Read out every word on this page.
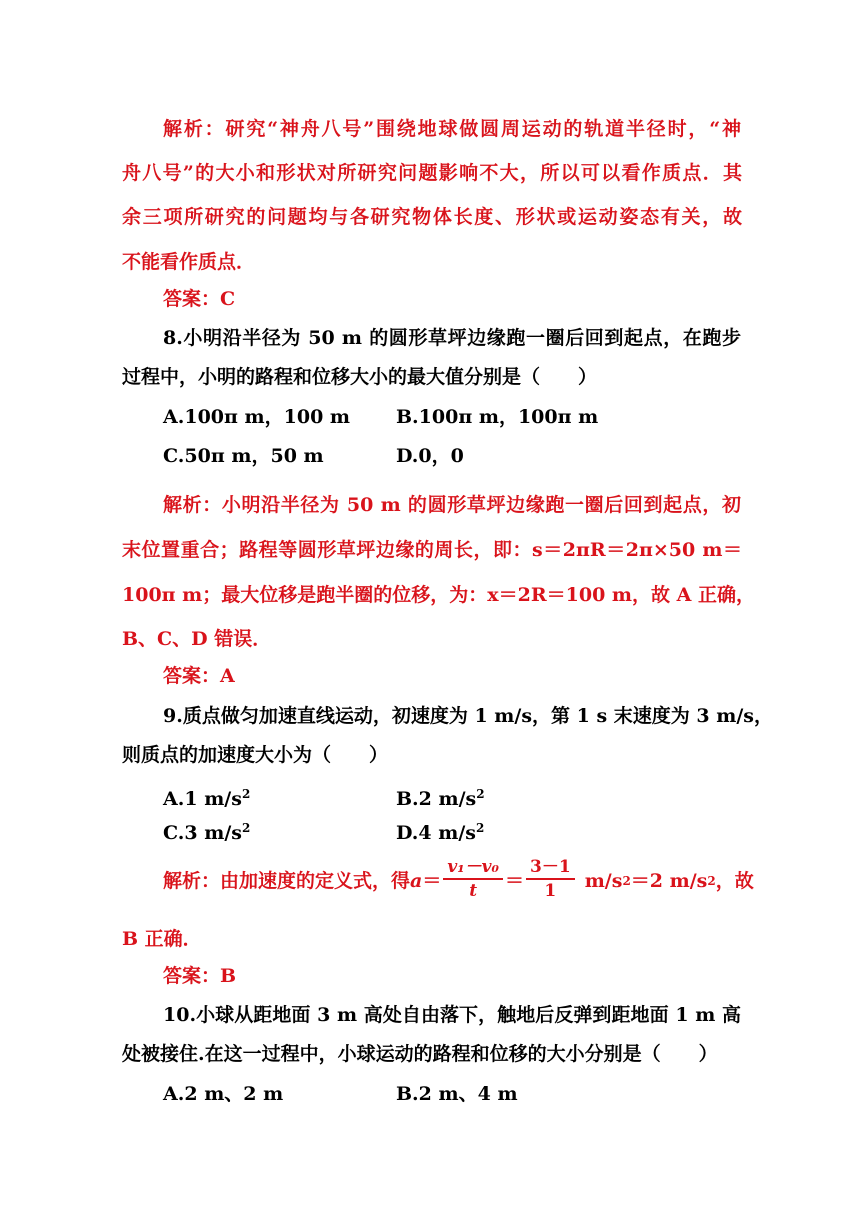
解析：研究“神舟八号”围绕地球做圆周运动的轨道半径时，“神
舟八号”的大小和形状对所研究问题影响不大，所以可以看作质点．其
余三项所研究的问题均与各研究物体长度、形状或运动姿态有关，故
不能看作质点．
答案：C
8.小明沿半径为 50 m 的圆形草坪边缘跑一圈后回到起点，在跑步
过程中，小明的路程和位移大小的最大值分别是（　　）
A.100π m，100 m B.100π m，100π m
C.50π m，50 m	D.0，0
解析：小明沿半径为 50 m 的圆形草坪边缘跑一圈后回到起点，初
末位置重合；路程等圆形草坪边缘的周长，即：s＝2πR＝2π×50 m＝
100π m；最大位移是跑半圈的位移，为：x＝2R＝100 m，故 A 正确，
B、C、D 错误．
答案：A
9.质点做匀加速直线运动，初速度为 1 m/s，第 1 s 末速度为 3 m/s，
则质点的加速度大小为（　　）
A.1 $m/s^2$	B.2 $m/s^2$
C.3 $m/s^2$	D.4 $m/s^2$
解析：由加速度的定义式，得 $a = \frac{\text{v₁－v₀}}{t} = \frac{3-1}{1} m/s$ 2 ＝2 m/s 2 ，故
B 正确．
答案：B
10.小球从距地面 3 m 高处自由落下，触地后反弹到距地面 1 m 高
处被接住.在这一过程中，小球运动的路程和位移的大小分别是（　　）
A.2 m、2 m	B.2 m、4 m
